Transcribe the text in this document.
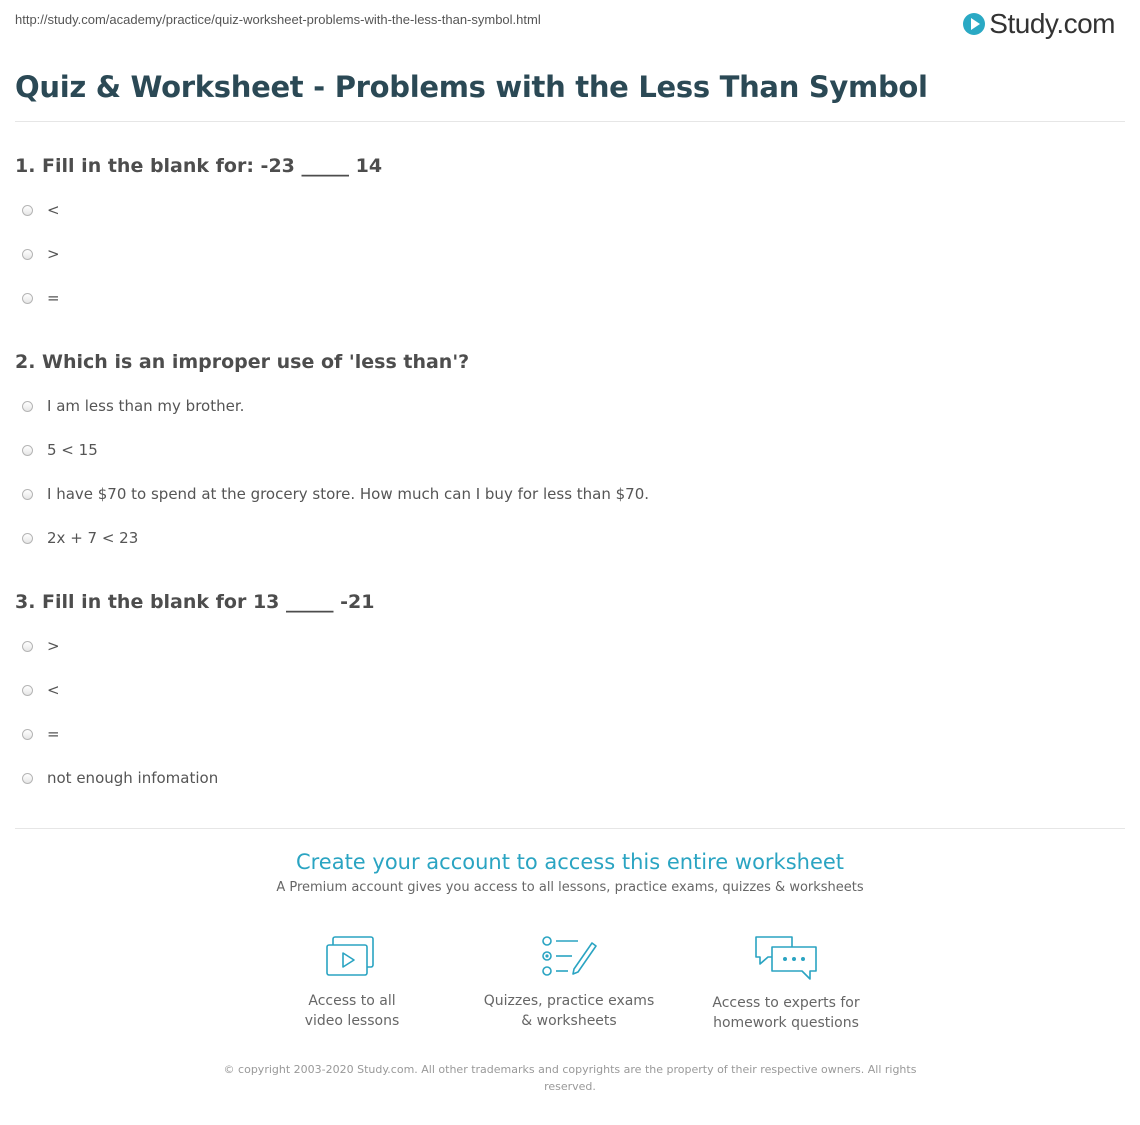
http://study.com/academy/practice/quiz-worksheet-problems-with-the-less-than-symbol.html	Study.com
Quiz & Worksheet - Problems with the Less Than Symbol
1. Fill in the blank for: -23 _____ 14
<
>
=
2. Which is an improper use of 'less than'?
I am less than my brother.
5 < 15
I have $70 to spend at the grocery store. How much can I buy for less than $70.
2x + 7 < 23
3. Fill in the blank for 13 _____ -21
>
<
=
not enough infomation
Create your account to access this entire worksheet
A Premium account gives you access to all lessons, practice exams, quizzes & worksheets
Access to all
video lessons
Quizzes, practice exams
& worksheets
Access to experts for
homework questions
© copyright 2003-2020 Study.com. All other trademarks and copyrights are the property of their respective owners. All rights reserved.
